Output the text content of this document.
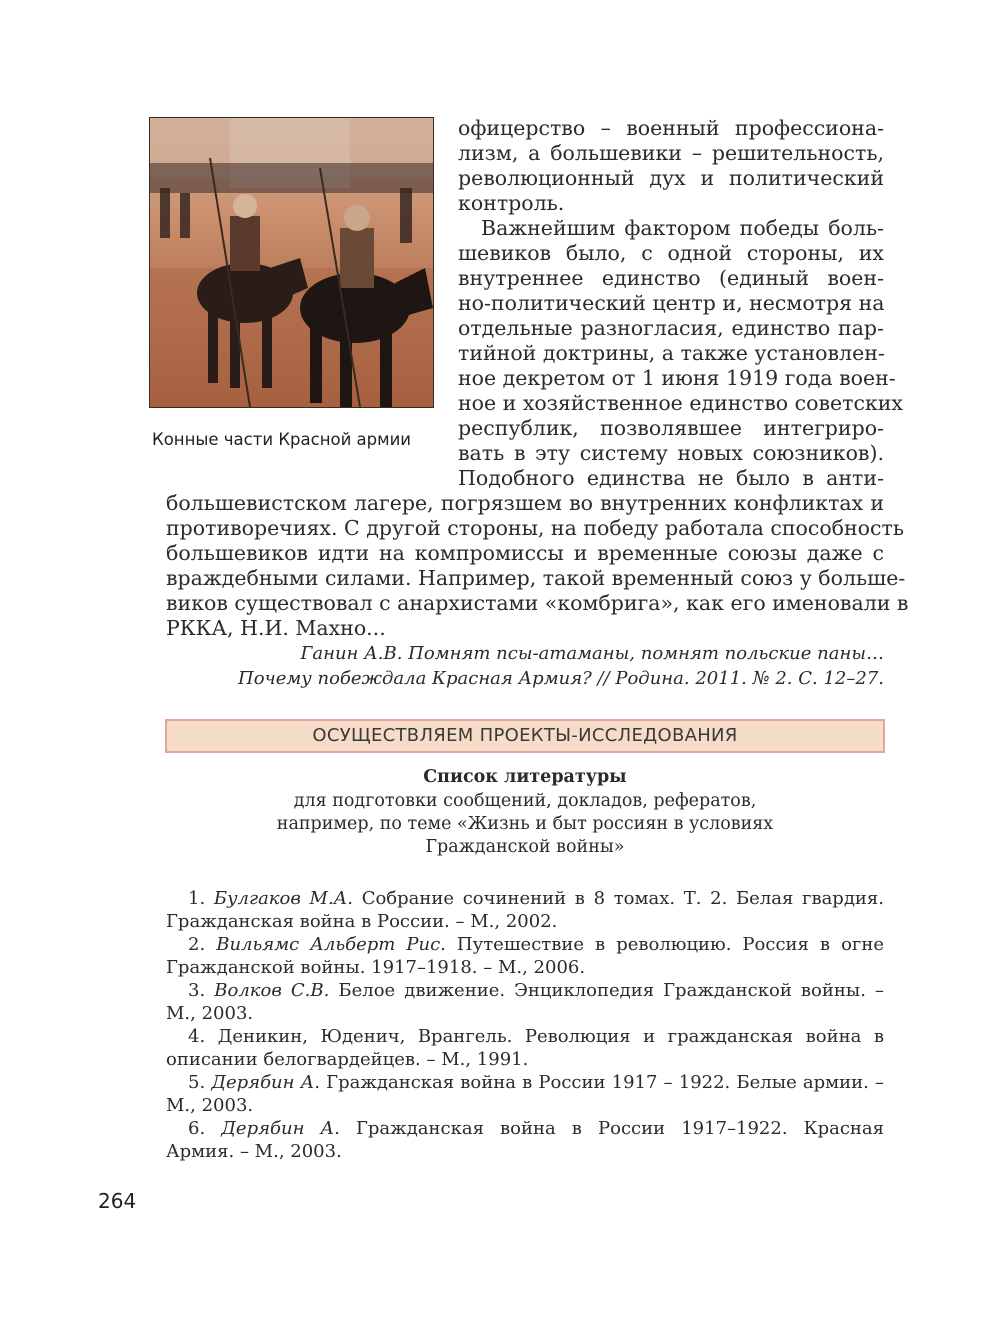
Конные части Красной армии
офицерство – военный профессиона-
лизм, а большевики – решительность,
революционный дух и политический
контроль.
Важнейшим фактором победы боль-
шевиков было, с одной стороны, их
внутреннее единство (единый воен-
но-политический центр и, несмотря на
отдельные разногласия, единство пар-
тийной доктрины, а также установлен-
ное декретом от 1 июня 1919 года воен-
ное и хозяйственное единство советских
республик, позволявшее интегриро-
вать в эту систему новых союзников).
Подобного единства не было в анти-
большевистском лагере, погрязшем во внутренних конфликтах и
противоречиях. С другой стороны, на победу работала способность
большевиков идти на компромиссы и временные союзы даже с
враждебными силами. Например, такой временный союз у больше-
виков существовал с анархистами «комбрига», как его именовали в
РККА, Н.И. Махно...
Ганин А.В. Помнят псы-атаманы, помнят польские паны…
Почему побеждала Красная Армия? // Родина. 2011. № 2. С. 12–27.
ОСУЩЕСТВЛЯЕМ ПРОЕКТЫ-ИССЛЕДОВАНИЯ
Список литературы
для подготовки сообщений, докладов, рефератов,
например, по теме «Жизнь и быт россиян в условиях
Гражданской войны»
1. Булгаков М.А. Собрание сочинений в 8 томах. Т. 2. Белая гвардия.
Гражданская война в России. – М., 2002.
2. Вильямс Альберт Рис. Путешествие в революцию. Россия в огне
Гражданской войны. 1917–1918. – М., 2006.
3. Волков С.В. Белое движение. Энциклопедия Гражданской войны. –
М., 2003.
4. Деникин, Юденич, Врангель. Революция и гражданская война в
описании белогвардейцев. – М., 1991.
5. Дерябин А. Гражданская война в России 1917 – 1922. Белые армии. –
М., 2003.
6. Дерябин А. Гражданская война в России 1917–1922. Красная
Армия. – М., 2003.
264
